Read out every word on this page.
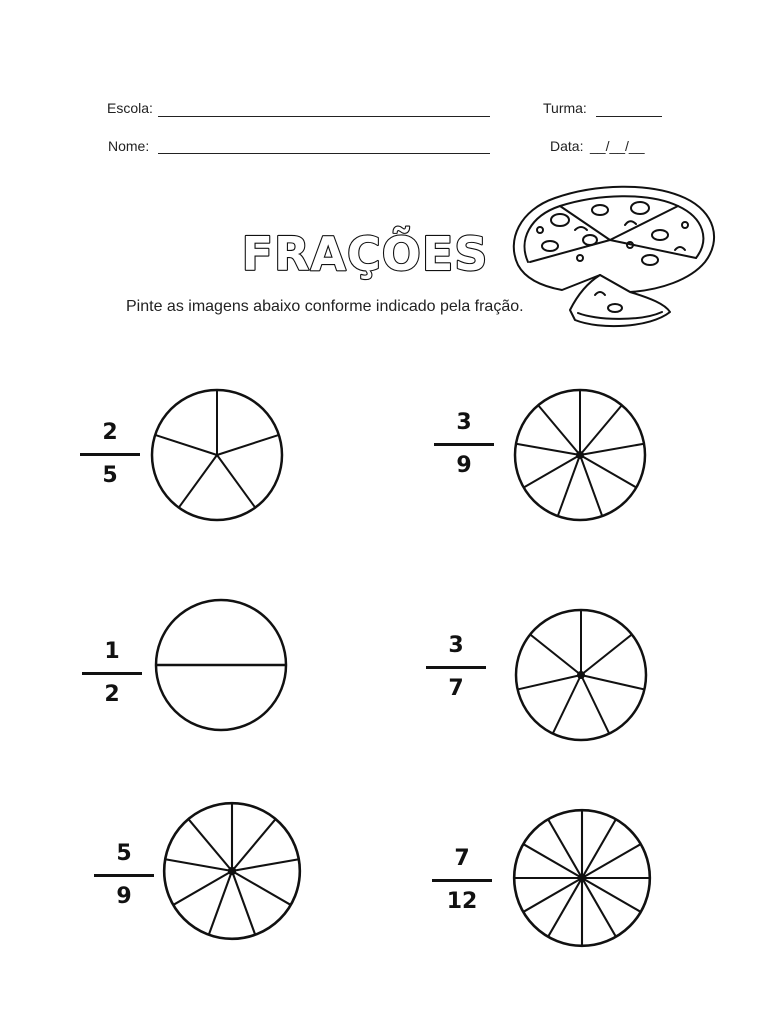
Escola:	Turma:
Nome:	Data: __/__/__
FRAÇÕES
Pinte as imagens abaixo conforme indicado pela fração.
2
5
3
9
1
2
3
7
5
9
7
12
